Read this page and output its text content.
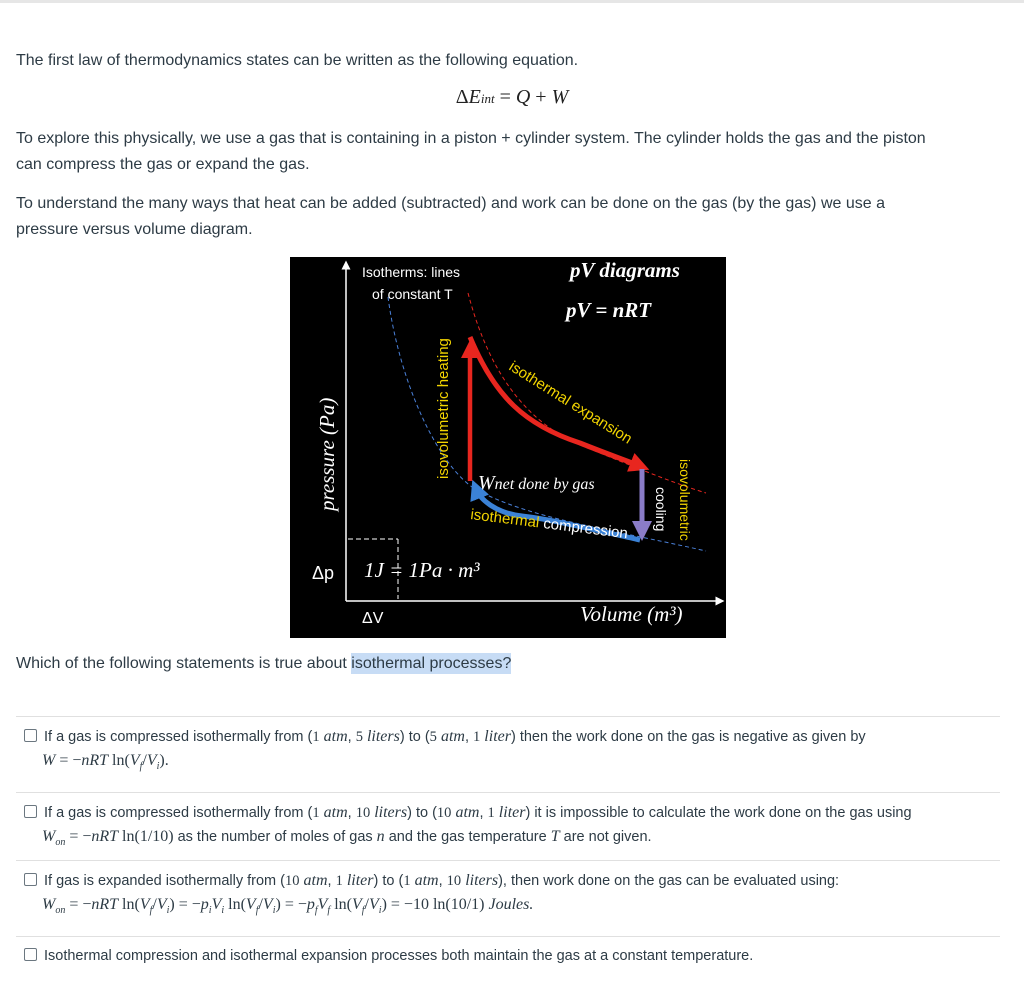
The first law of thermodynamics states can be written as the following equation.
ΔEint = Q + W
To explore this physically, we use a gas that is containing in a piston + cylinder system. The cylinder holds the gas and the piston
can compress the gas or expand the gas.
To understand the many ways that heat can be added (subtracted) and work can be done on the gas (by the gas) we use a
pressure versus volume diagram.
pV diagrams
pV = nRT
Isotherms: lines
of constant T
pressure (Pa)
Volume (m³)
isovolumetric heating	isothermal expansion
cooling isovolumetric
isothermal compression
Wnet done by gas
Δp 1J = 1Pa · m³
ΔV
Which of the following statements is true about isothermal processes?
If a gas is compressed isothermally from (1 atm, 5 liters) to (5 atm, 1 liter) then the work done on the gas is negative as given by
W = −nRT $\ln(V_f/V_i)$.
If a gas is compressed isothermally from (1 atm, 10 liters) to (10 atm, 1 liter) it is impossible to calculate the work done on the gas using
$W_{on} = -nRT$ ln(1/10) as the number of moles of gas n and the gas temperature T are not given.
If gas is expanded isothermally from (10 atm, 1 liter) to (1 atm, 10 liters), then work done on the gas can be evaluated using:
$W_{on} = -nRT$ $\ln(V_f/V_i) = -p_iV_i$ $\ln(V_f/V_i) = -p_fV_f$ $\ln(V_f/V_i) = -10$ ln(10/1) Joules.
Isothermal compression and isothermal expansion processes both maintain the gas at a constant temperature.
